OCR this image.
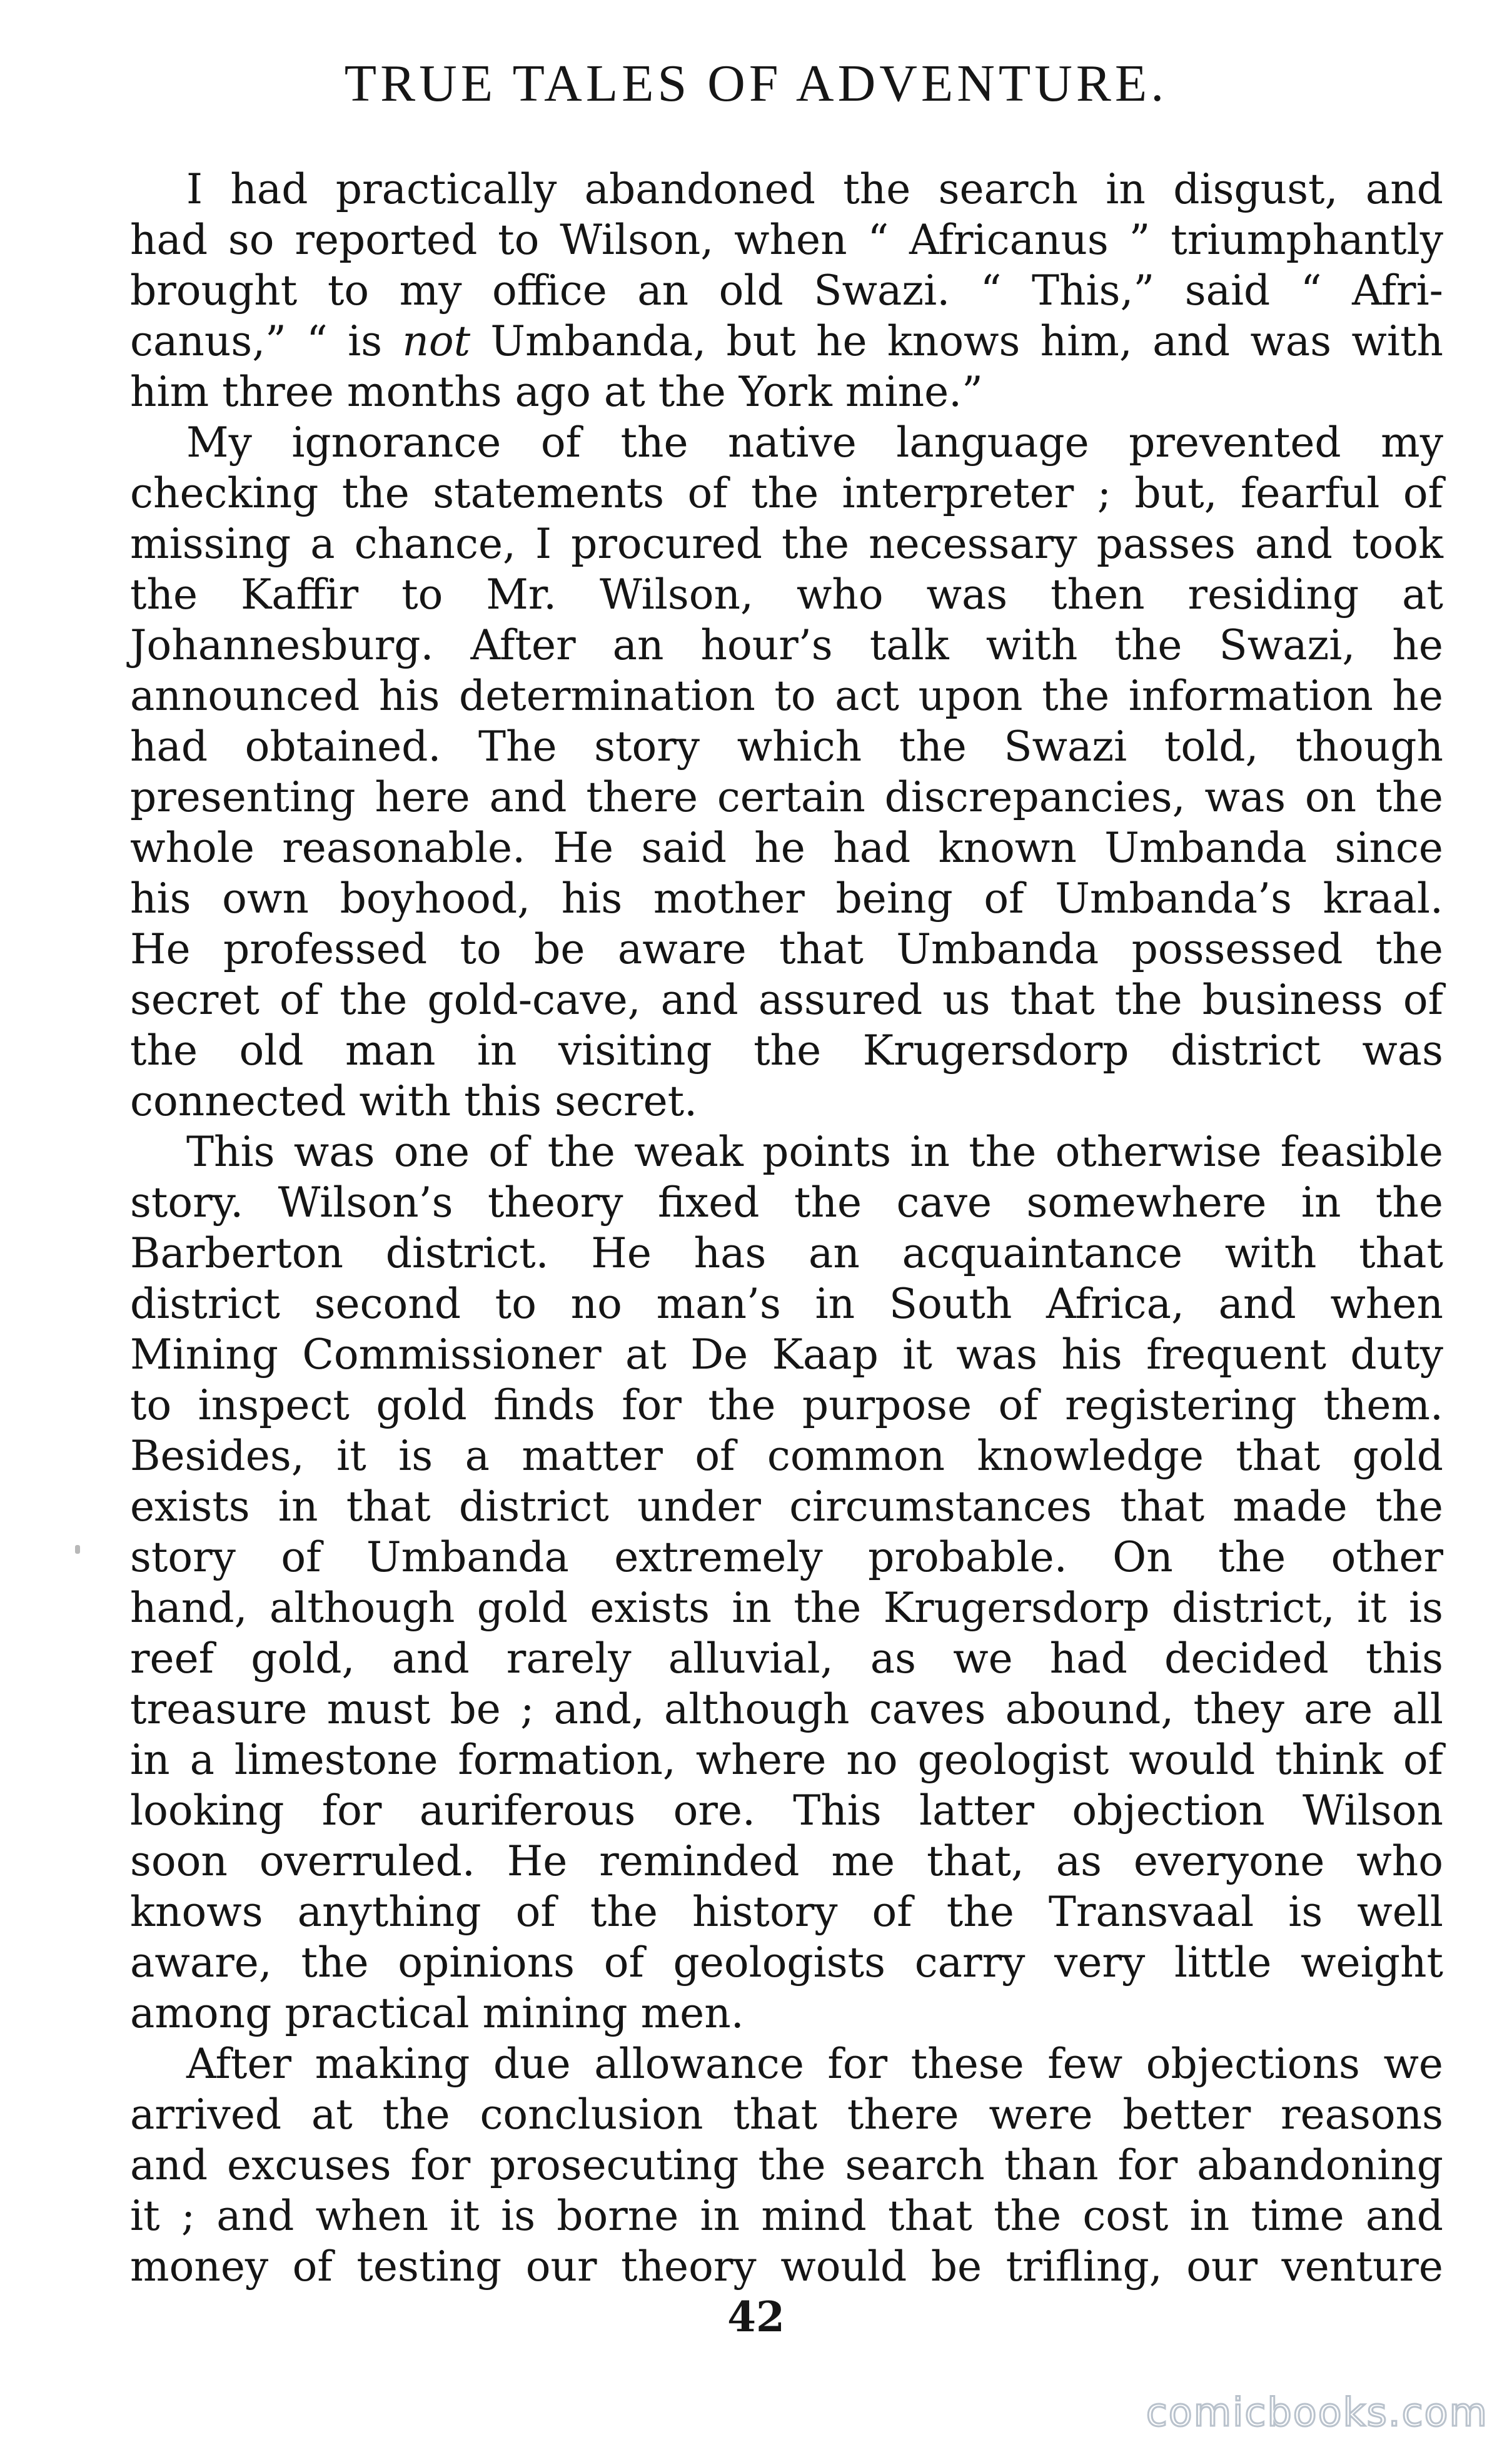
TRUE TALES OF ADVENTURE.
I had practically abandoned the search in disgust, and
had so reported to Wilson, when “ Africanus ” triumphantly
brought to my office an old Swazi. “ This,” said “ Afri-
canus,” “ is not Umbanda, but he knows him, and was with
him three months ago at the York mine.”
My ignorance of the native language prevented my
checking the statements of the interpreter ; but, fearful of
missing a chance, I procured the necessary passes and took
the Kaffir to Mr. Wilson, who was then residing at
Johannesburg. After an hour’s talk with the Swazi, he
announced his determination to act upon the information he
had obtained. The story which the Swazi told, though
presenting here and there certain discrepancies, was on the
whole reasonable. He said he had known Umbanda since
his own boyhood, his mother being of Umbanda’s kraal.
He professed to be aware that Umbanda possessed the
secret of the gold-cave, and assured us that the business of
the old man in visiting the Krugersdorp district was
connected with this secret.
This was one of the weak points in the otherwise feasible
story. Wilson’s theory fixed the cave somewhere in the
Barberton district. He has an acquaintance with that
district second to no man’s in South Africa, and when
Mining Commissioner at De Kaap it was his frequent duty
to inspect gold finds for the purpose of registering them.
Besides, it is a matter of common knowledge that gold
exists in that district under circumstances that made the
story of Umbanda extremely probable. On the other
hand, although gold exists in the Krugersdorp district, it is
reef gold, and rarely alluvial, as we had decided this
treasure must be ; and, although caves abound, they are all
in a limestone formation, where no geologist would think of
looking for auriferous ore. This latter objection Wilson
soon overruled. He reminded me that, as everyone who
knows anything of the history of the Transvaal is well
aware, the opinions of geologists carry very little weight
among practical mining men.
After making due allowance for these few objections we
arrived at the conclusion that there were better reasons
and excuses for prosecuting the search than for abandoning
it ; and when it is borne in mind that the cost in time and
money of testing our theory would be trifling, our venture
42
comicbooks.com
